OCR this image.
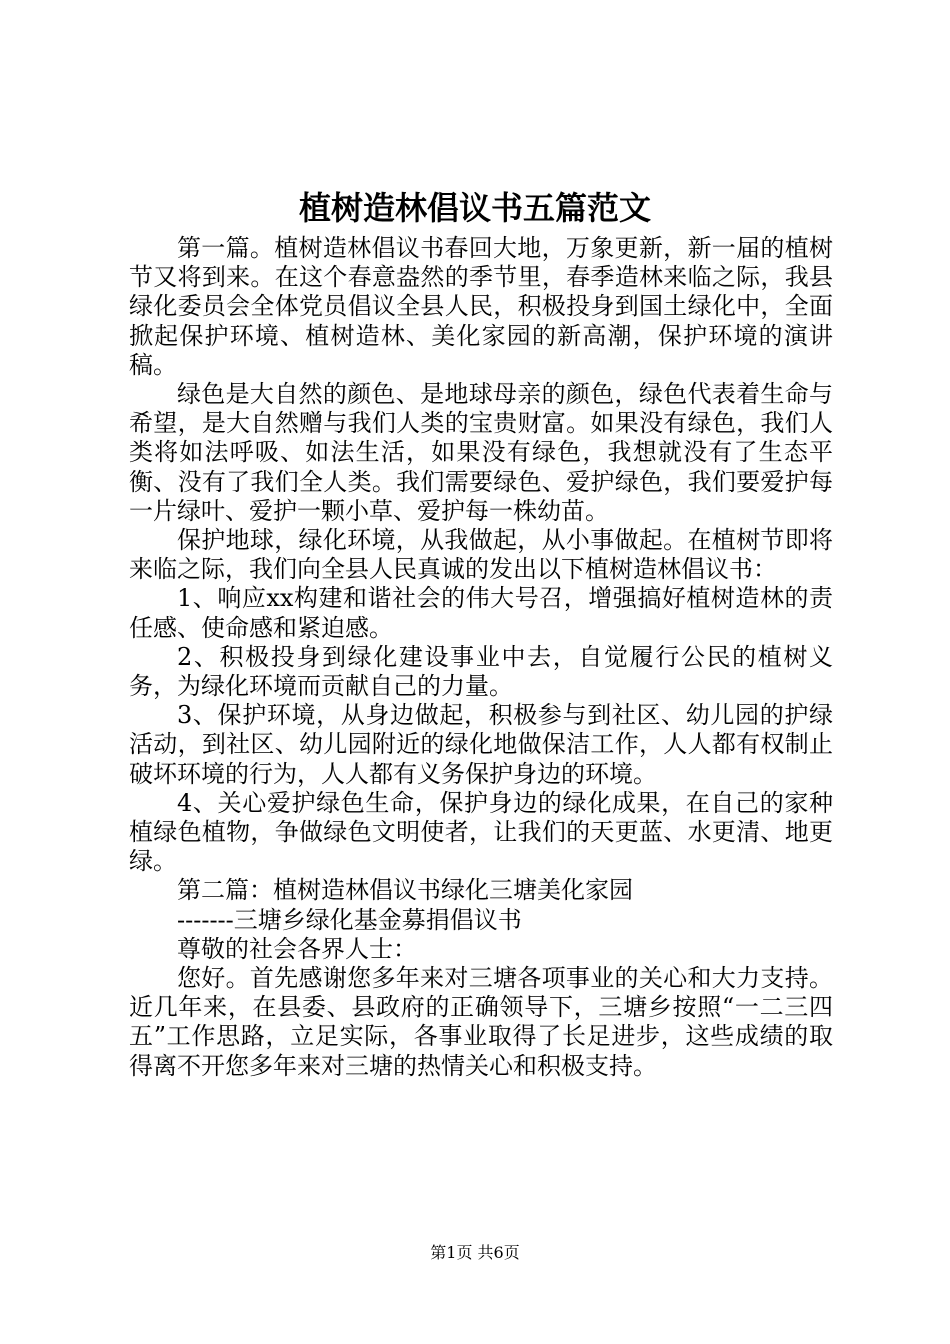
植树造林倡议书五篇范文

第一篇。植树造林倡议书春回大地，万象更新，新一届的植树节又将到来。在这个春意盎然的季节里，春季造林来临之际，我县绿化委员会全体党员倡议全县人民，积极投身到国土绿化中，全面掀起保护环境、植树造林、美化家园的新高潮，保护环境的演讲稿。

绿色是大自然的颜色、是地球母亲的颜色，绿色代表着生命与希望，是大自然赠与我们人类的宝贵财富。如果没有绿色，我们人类将如法呼吸、如法生活，如果没有绿色，我想就没有了生态平衡、没有了我们全人类。我们需要绿色、爱护绿色，我们要爱护每一片绿叶、爱护一颗小草、爱护每一株幼苗。

保护地球，绿化环境，从我做起，从小事做起。在植树节即将来临之际，我们向全县人民真诚的发出以下植树造林倡议书：

1、响应xx构建和谐社会的伟大号召，增强搞好植树造林的责任感、使命感和紧迫感。

2、积极投身到绿化建设事业中去，自觉履行公民的植树义务，为绿化环境而贡献自己的力量。

3、保护环境，从身边做起，积极参与到社区、幼儿园的护绿活动，到社区、幼儿园附近的绿化地做保洁工作，人人都有权制止破坏环境的行为，人人都有义务保护身边的环境。

4、关心爱护绿色生命，保护身边的绿化成果，在自己的家种植绿色植物，争做绿色文明使者，让我们的天更蓝、水更清、地更绿。

第二篇：植树造林倡议书绿化三塘美化家园

-------三塘乡绿化基金募捐倡议书

尊敬的社会各界人士：

您好。首先感谢您多年来对三塘各项事业的关心和大力支持。近几年来，在县委、县政府的正确领导下，三塘乡按照“一二三四五”工作思路，立足实际，各事业取得了长足进步，这些成绩的取得离不开您多年来对三塘的热情关心和积极支持。

第1页 共6页
